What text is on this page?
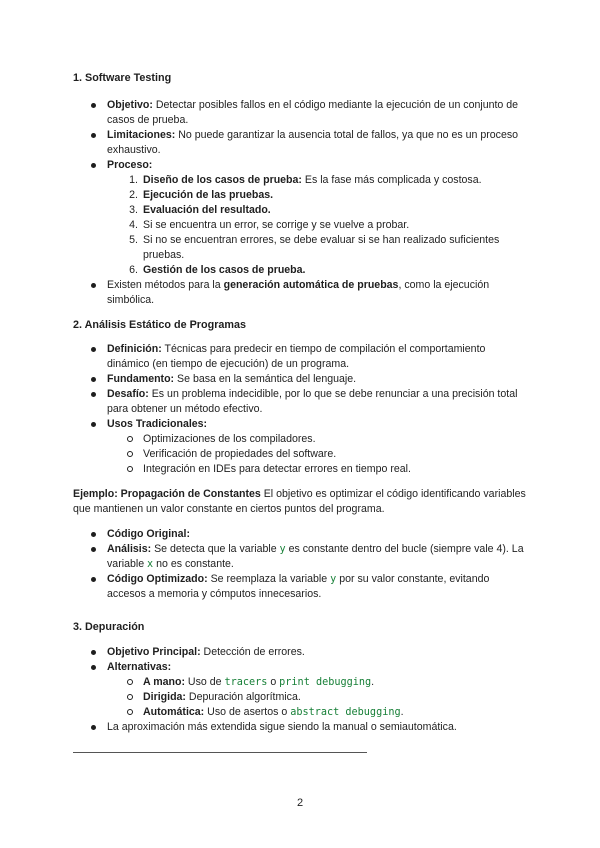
1. Software Testing
Objetivo: Detectar posibles fallos en el código mediante la ejecución de un conjunto de casos de prueba.
Limitaciones: No puede garantizar la ausencia total de fallos, ya que no es un proceso exhaustivo.
Proceso:
1. Diseño de los casos de prueba: Es la fase más complicada y costosa.
2. Ejecución de las pruebas.
3. Evaluación del resultado.
4. Si se encuentra un error, se corrige y se vuelve a probar.
5. Si no se encuentran errores, se debe evaluar si se han realizado suficientes pruebas.
6. Gestión de los casos de prueba.
Existen métodos para la generación automática de pruebas, como la ejecución simbólica.
2. Análisis Estático de Programas
Definición: Técnicas para predecir en tiempo de compilación el comportamiento dinámico (en tiempo de ejecución) de un programa.
Fundamento: Se basa en la semántica del lenguaje.
Desafío: Es un problema indecidible, por lo que se debe renunciar a una precisión total para obtener un método efectivo.
Usos Tradicionales:
Optimizaciones de los compiladores.
Verificación de propiedades del software.
Integración en IDEs para detectar errores en tiempo real.
Ejemplo: Propagación de Constantes El objetivo es optimizar el código identificando variables que mantienen un valor constante en ciertos puntos del programa.
Código Original:
Análisis: Se detecta que la variable y es constante dentro del bucle (siempre vale 4). La variable x no es constante.
Código Optimizado: Se reemplaza la variable y por su valor constante, evitando accesos a memoria y cómputos innecesarios.
3. Depuración
Objetivo Principal: Detección de errores.
Alternativas:
A mano: Uso de tracers o print debugging.
Dirigida: Depuración algorítmica.
Automática: Uso de asertos o abstract debugging.
La aproximación más extendida sigue siendo la manual o semiautomática.
2
